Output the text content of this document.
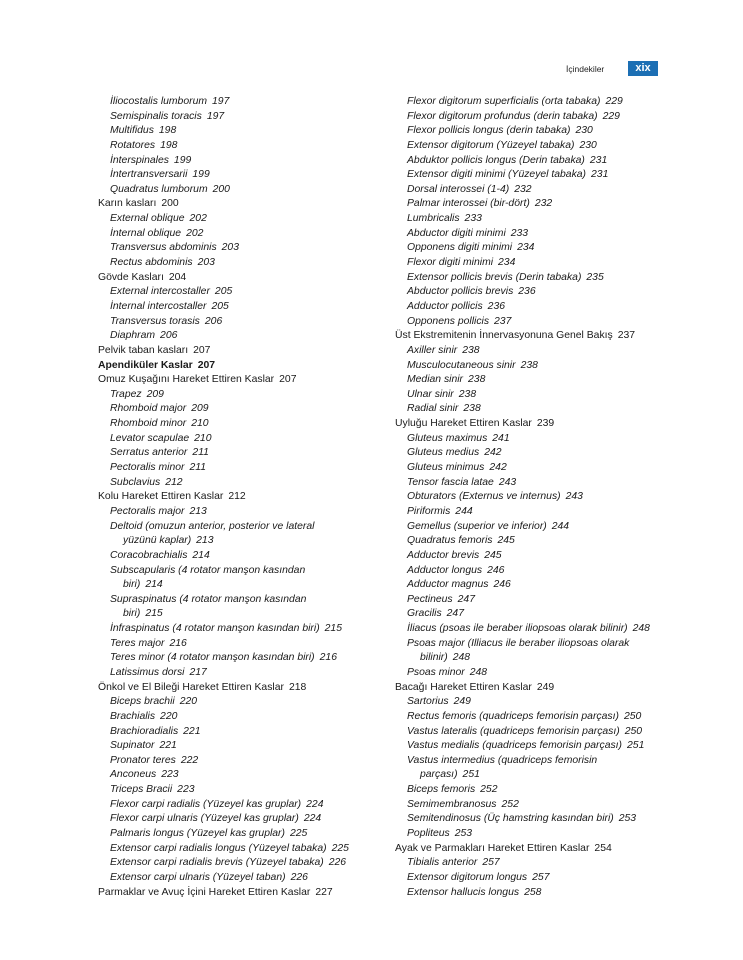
İçindekiler	xix
İliocostalis lumborum 197
Semispinalis toracis 197
Multifidus 198
Rotatores 198
İnterspinales 199
İntertransversarii 199
Quadratus lumborum 200
Karın kasları 200
External oblique 202
İnternal oblique 202
Transversus abdominis 203
Rectus abdominis 203
Gövde Kasları 204
External intercostaller 205
İnternal intercostaller 205
Transversus torasis 206
Diaphram 206
Pelvik taban kasları 207
Apendiküler Kaslar 207
Omuz Kuşağını Hareket Ettiren Kaslar 207
Trapez 209
Rhomboid major 209
Rhomboid minor 210
Levator scapulae 210
Serratus anterior 211
Pectoralis minor 211
Subclavius 212
Kolu Hareket Ettiren Kaslar 212
Pectoralis major 213
Deltoid (omuzun anterior, posterior ve lateral
yüzünü kaplar) 213
Coracobrachialis 214
Subscapularis (4 rotator manşon kasından
biri) 214
Supraspinatus (4 rotator manşon kasından
biri) 215
İnfraspinatus (4 rotator manşon kasından biri) 215
Teres major 216
Teres minor (4 rotator manşon kasından biri) 216
Latissimus dorsi 217
Önkol ve El Bileği Hareket Ettiren Kaslar 218
Biceps brachii 220
Brachialis 220
Brachioradialis 221
Supinator 221
Pronator teres 222
Anconeus 223
Triceps Bracii 223
Flexor carpi radialis (Yüzeyel kas gruplar) 224
Flexor carpi ulnaris (Yüzeyel kas gruplar) 224
Palmaris longus (Yüzeyel kas gruplar) 225
Extensor carpi radialis longus (Yüzeyel tabaka) 225
Extensor carpi radialis brevis (Yüzeyel tabaka) 226
Extensor carpi ulnaris (Yüzeyel taban) 226
Parmaklar ve Avuç İçini Hareket Ettiren Kaslar 227
Flexor digitorum superficialis (orta tabaka) 229
Flexor digitorum profundus (derin tabaka) 229
Flexor pollicis longus (derin tabaka) 230
Extensor digitorum (Yüzeyel tabaka) 230
Abduktor pollicis longus (Derin tabaka) 231
Extensor digiti minimi (Yüzeyel tabaka) 231
Dorsal interossei (1-4) 232
Palmar interossei (bir-dört) 232
Lumbricalis 233
Abductor digiti minimi 233
Opponens digiti minimi 234
Flexor digiti minimi 234
Extensor pollicis brevis (Derin tabaka) 235
Abductor pollicis brevis 236
Adductor pollicis 236
Opponens pollicis 237
Üst Ekstremitenin İnnervasyonuna Genel Bakış 237
Axiller sinir 238
Musculocutaneous sinir 238
Median sinir 238
Ulnar sinir 238
Radial sinir 238
Uyluğu Hareket Ettiren Kaslar 239
Gluteus maximus 241
Gluteus medius 242
Gluteus minimus 242
Tensor fascia latae 243
Obturators (Externus ve internus) 243
Piriformis 244
Gemellus (superior ve inferior) 244
Quadratus femoris 245
Adductor brevis 245
Adductor longus 246
Adductor magnus 246
Pectineus 247
Gracilis 247
İliacus (psoas ile beraber iliopsoas olarak bilinir) 248
Psoas major (Illiacus ile beraber iliopsoas olarak
bilinir) 248
Psoas minor 248
Bacağı Hareket Ettiren Kaslar 249
Sartorius 249
Rectus femoris (quadriceps femorisin parçası) 250
Vastus lateralis (quadriceps femorisin parçası) 250
Vastus medialis (quadriceps femorisin parçası) 251
Vastus intermedius (quadriceps femorisin
parçası) 251
Biceps femoris 252
Semimembranosus 252
Semitendinosus (Üç hamstring kasından biri) 253
Popliteus 253
Ayak ve Parmakları Hareket Ettiren Kaslar 254
Tibialis anterior 257
Extensor digitorum longus 257
Extensor hallucis longus 258
